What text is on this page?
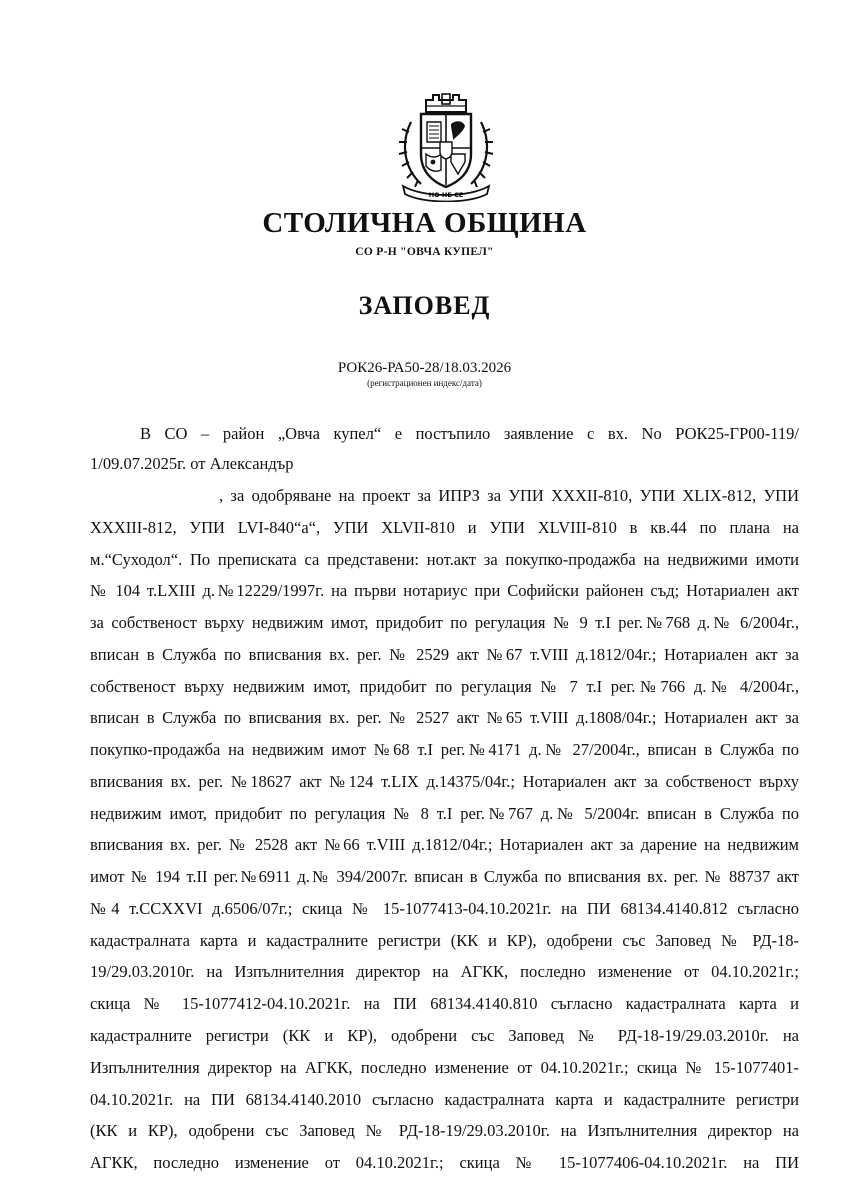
НО НЕ СЕ
СТОЛИЧНА ОБЩИНА
СО Р-Н "ОВЧА КУПЕЛ"
ЗАПОВЕД
РОК26-РА50-28/18.03.2026
(регистрационен индекс/дата)
В СО – район „Овча купел“ е постъпило заявление с вх. No РОК25-ГР00-119/
1/09.07.2025г. от Александър
, за одобряване на проект за ИПРЗ за УПИ XXXII-810, УПИ XLIX-812, УПИ
XXXIII-812, УПИ LVI-840“а“, УПИ XLVII-810 и УПИ XLVIII-810 в кв.44 по плана на
м.“Суходол“. По преписката са представени: нот.акт за покупко-продажба на недвижими имоти
№ 104 т.LXIII д.№12229/1997г. на първи нотариус при Софийски районен съд; Нотариален акт
за собственост върху недвижим имот, придобит по регулация № 9 т.I рег.№768 д.№ 6/2004г.,
вписан в Служба по вписвания вх. рег. № 2529 акт №67 т.VIII д.1812/04г.; Нотариален акт за
собственост върху недвижим имот, придобит по регулация № 7 т.I рег.№766 д.№ 4/2004г.,
вписан в Служба по вписвания вх. рег. № 2527 акт №65 т.VIII д.1808/04г.; Нотариален акт за
покупко-продажба на недвижим имот №68 т.I рег.№4171 д.№ 27/2004г., вписан в Служба по
вписвания вх. рег. №18627 акт №124 т.LIX д.14375/04г.; Нотариален акт за собственост върху
недвижим имот, придобит по регулация № 8 т.I рег.№767 д.№ 5/2004г. вписан в Служба по
вписвания вх. рег. № 2528 акт №66 т.VIII д.1812/04г.; Нотариален акт за дарение на недвижим
имот № 194 т.II рег.№6911 д.№ 394/2007г. вписан в Служба по вписвания вх. рег. № 88737 акт
№4 т.CCXXVI д.6506/07г.; скица № 15-1077413-04.10.2021г. на ПИ 68134.4140.812 съгласно
кадастралната карта и кадастралните регистри (КК и КР), одобрени със Заповед № РД-18-
19/29.03.2010г. на Изпълнителния директор на АГКК, последно изменение от 04.10.2021г.;
скица № 15-1077412-04.10.2021г. на ПИ 68134.4140.810 съгласно кадастралната карта и
кадастралните регистри (КК и КР), одобрени със Заповед № РД-18-19/29.03.2010г. на
Изпълнителния директор на АГКК, последно изменение от 04.10.2021г.; скица № 15-1077401-
04.10.2021г. на ПИ 68134.4140.2010 съгласно кадастралната карта и кадастралните регистри
(КК и КР), одобрени със Заповед № РД-18-19/29.03.2010г. на Изпълнителния директор на
АГКК, последно изменение от 04.10.2021г.; скица № 15-1077406-04.10.2021г. на ПИ
